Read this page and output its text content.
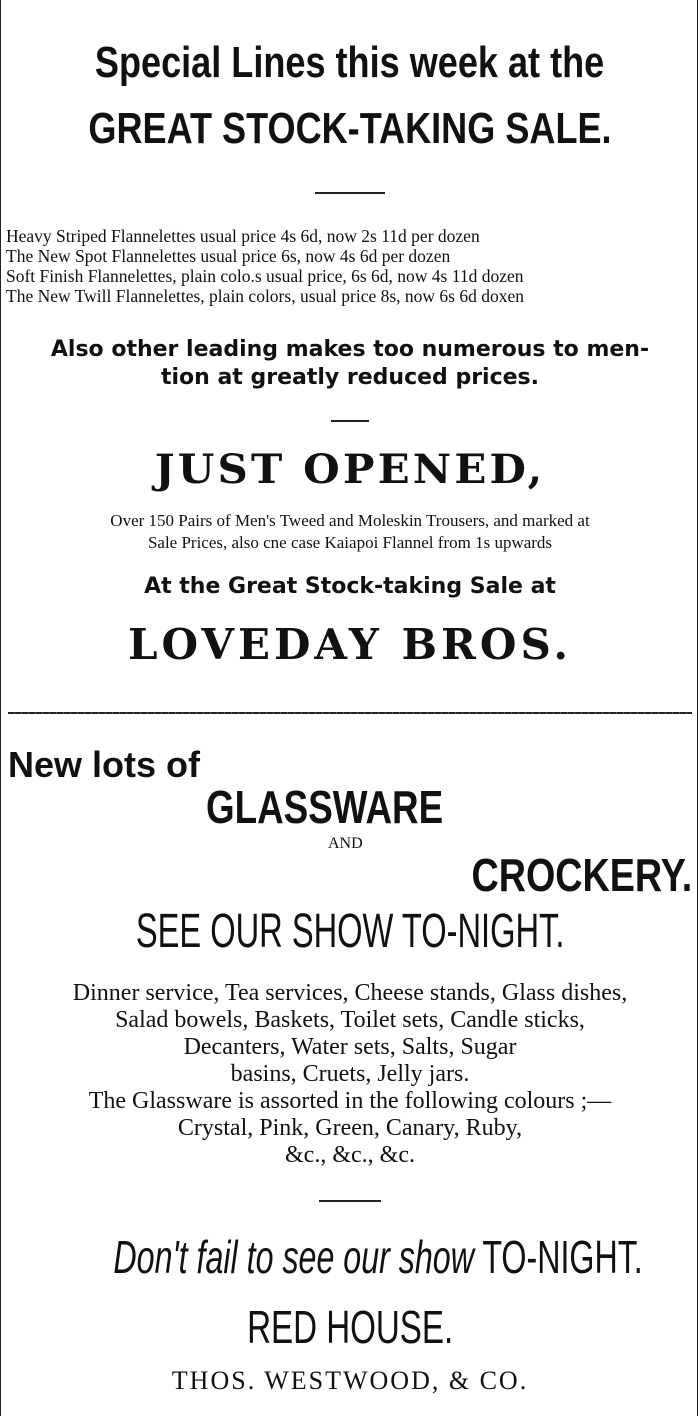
Special Lines this week at the
GREAT STOCK-TAKING SALE.
Heavy Striped Flannelettes usual price 4s 6d, now 2s 11d per dozen
The New Spot Flannelettes usual price 6s, now 4s 6d per dozen
Soft Finish Flannelettes, plain colo.s usual price, 6s 6d, now 4s 11d dozen
The New Twill Flannelettes, plain colors, usual price 8s, now 6s 6d doxen
Also other leading makes too numerous to men-
tion at greatly reduced prices.
JUST OPENED,
Over 150 Pairs of Men's Tweed and Moleskin Trousers, and marked at
Sale Prices, also cne case Kaiapoi Flannel from 1s upwards
At the Great Stock-taking Sale at
LOVEDAY BROS.
New lots of
GLASSWARE
AND
CROCKERY.
SEE OUR SHOW TO-NIGHT.
Dinner service, Tea services, Cheese stands, Glass dishes,
Salad bowels, Baskets, Toilet sets, Candle sticks,
Decanters, Water sets, Salts, Sugar
basins, Cruets, Jelly jars.
The Glassware is assorted in the following colours ;—
Crystal, Pink, Green, Canary, Ruby,
&c., &c., &c.
Don't fail to see our show TO-NIGHT.
RED HOUSE.
THOS. WESTWOOD, & CO.
